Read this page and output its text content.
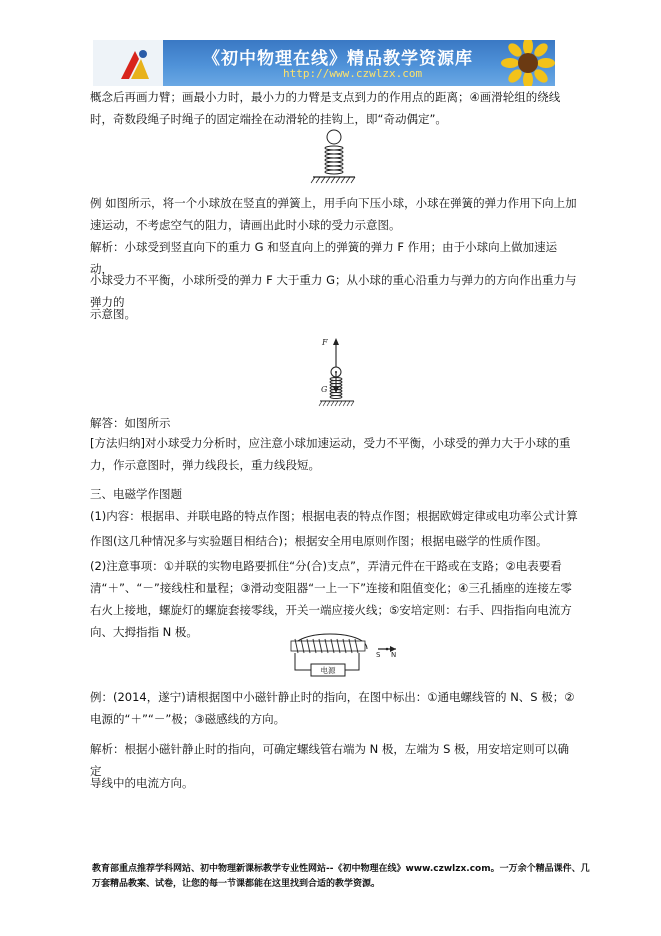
《初中物理在线》精品教学资源库
http://www.czwlzx.com
概念后再画力臂；画最小力时，最小力的力臂是支点到力的作用点的距离；④画滑轮组的绕线时，奇数段绳子时绳子的固定端拴在动滑轮的挂钩上，即“奇动偶定”。
例 如图所示，将一个小球放在竖直的弹簧上，用手向下压小球，小球在弹簧的弹力作用下向上加速运动，不考虑空气的阻力，请画出此时小球的受力示意图。
解析：小球受到竖直向下的重力 G 和竖直向上的弹簧的弹力 F 作用；由于小球向上做加速运动，
小球受力不平衡，小球所受的弹力 F 大于重力 G；从小球的重心沿重力与弹力的方向作出重力与弹力的
示意图。
F
G
解答：如图所示
[方法归纳]对小球受力分析时，应注意小球加速运动，受力不平衡，小球受的弹力大于小球的重力，作示意图时，弹力线段长，重力线段短。
三、电磁学作图题
(1)内容：根据串、并联电路的特点作图；根据电表的特点作图；根据欧姆定律或电功率公式计算
作图(这几种情况多与实验题目相结合)；根据安全用电原则作图；根据电磁学的性质作图。
(2)注意事项：①并联的实物电路要抓住“分(合)支点”，弄清元件在干路或在支路；②电表要看清“＋”、“－”接线柱和量程；③滑动变阻器“一上一下”连接和阻值变化；④三孔插座的连接左零右火上接地，螺旋灯的螺旋套接零线，开关一端应接火线；⑤安培定则：右手、四指指向电流方向、大拇指指 N 极。
电源
S N
例：(2014，遂宁)请根据图中小磁针静止时的指向，在图中标出：①通电螺线管的 N、S 极；②电源的“＋”“－”极；③磁感线的方向。
解析：根据小磁针静止时的指向，可确定螺线管右端为 N 极，左端为 S 极，用安培定则可以确定
导线中的电流方向。
教育部重点推荐学科网站、初中物理新课标教学专业性网站--《初中物理在线》www.czwlzx.com。一万余个精品课件、几万套精品教案、试卷，让您的每一节课都能在这里找到合适的教学资源。
